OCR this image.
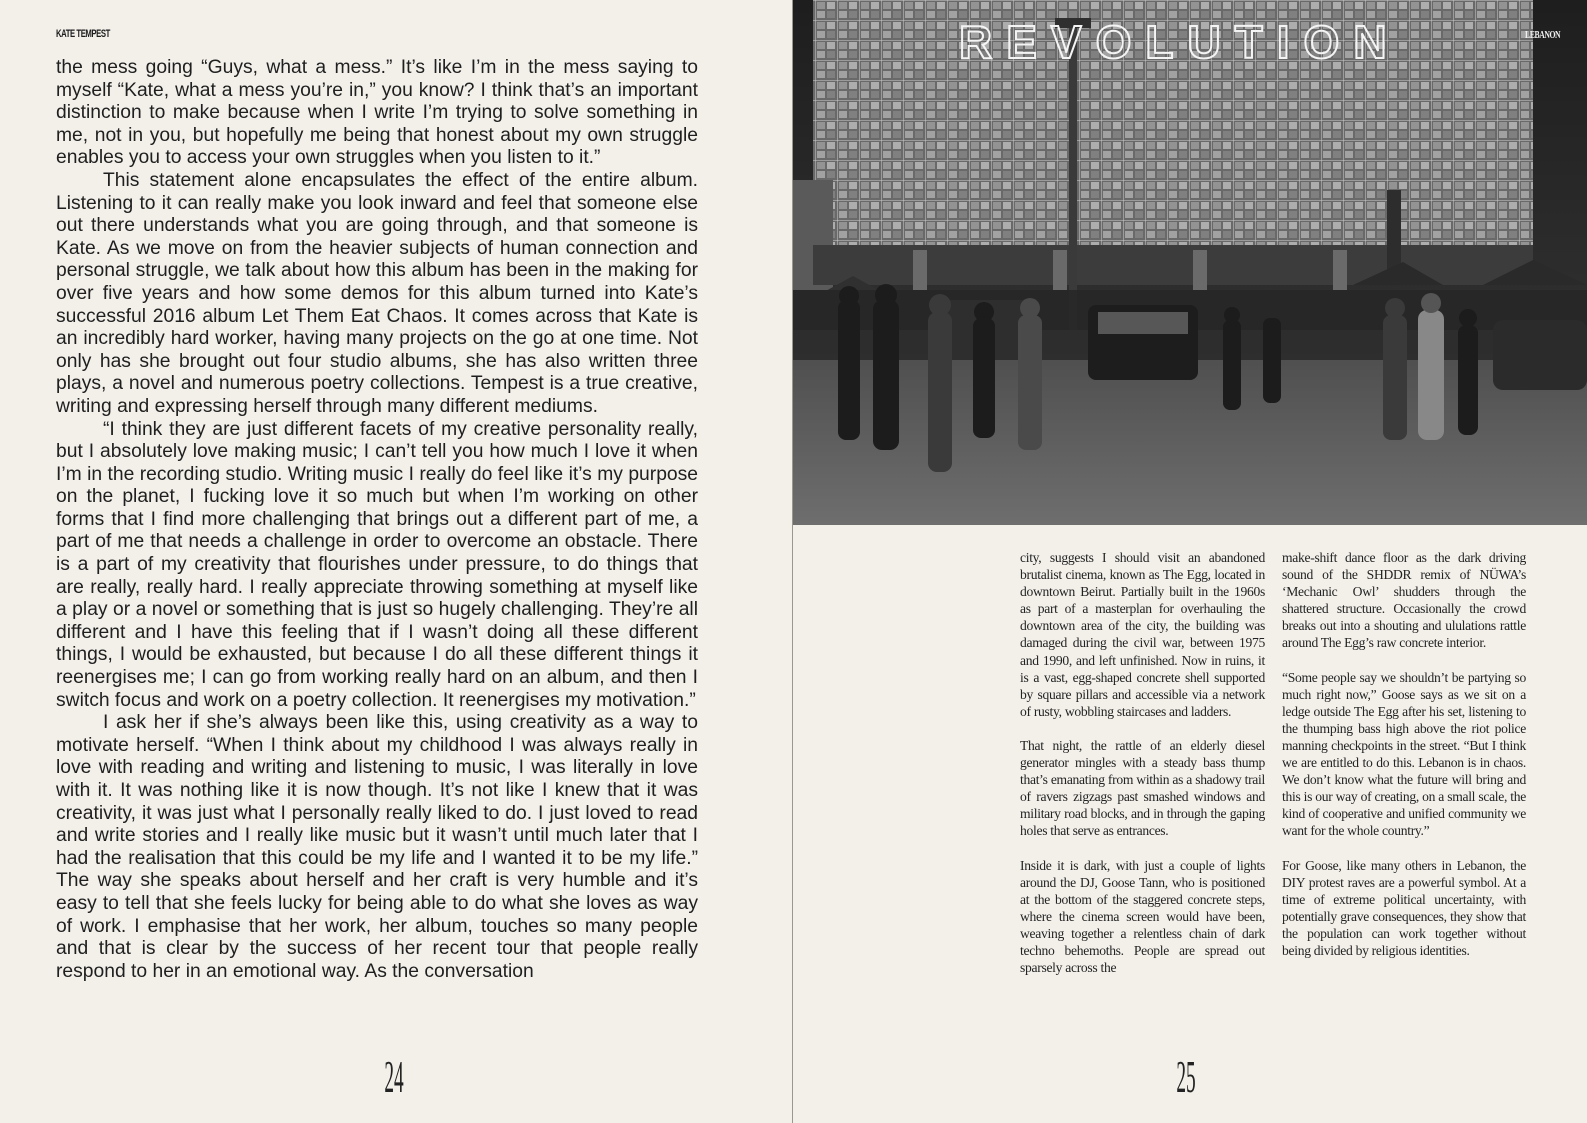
KATE TEMPEST

the mess going “Guys, what a mess.” It’s like I’m in the mess saying to myself “Kate, what a mess you’re in,” you know? I think that’s an important distinction to make because when I write I’m trying to solve something in me, not in you, but hopefully me being that honest about my own struggle enables you to access your own struggles when you listen to it.”

This statement alone encapsulates the effect of the entire album. Listening to it can really make you look inward and feel that someone else out there understands what you are going through, and that someone is Kate. As we move on from the heavier subjects of human connection and personal struggle, we talk about how this album has been in the making for over five years and how some demos for this album turned into Kate’s successful 2016 album Let Them Eat Chaos. It comes across that Kate is an incredibly hard worker, having many projects on the go at one time. Not only has she brought out four studio albums, she has also written three plays, a novel and numerous poetry collections. Tempest is a true creative, writing and expressing herself through many different mediums.

“I think they are just different facets of my creative personality really, but I absolutely love making music; I can’t tell you how much I love it when I’m in the recording studio. Writing music I really do feel like it’s my purpose on the planet, I fucking love it so much but when I’m working on other forms that I find more challenging that brings out a different part of me, a part of me that needs a challenge in order to overcome an obstacle. There is a part of my creativity that flourishes under pressure, to do things that are really, really hard. I really appreciate throwing something at myself like a play or a novel or something that is just so hugely challenging. They’re all different and I have this feeling that if I wasn’t doing all these different things, I would be exhausted, but because I do all these different things it reenergises me; I can go from working really hard on an album, and then I switch focus and work on a poetry collection. It reenergises my motivation.”

I ask her if she’s always been like this, using creativity as a way to motivate herself. “When I think about my childhood I was always really in love with reading and writing and listening to music, I was literally in love with it. It was nothing like it is now though. It’s not like I knew that it was creativity, it was just what I personally really liked to do. I just loved to read and write stories and I really like music but it wasn’t until much later that I had the realisation that this could be my life and I wanted it to be my life.” The way she speaks about herself and her craft is very humble and it’s easy to tell that she feels lucky for being able to do what she loves as way of work. I emphasise that her work, her album, touches so many people and that is clear by the success of her recent tour that people really respond to her in an emotional way. As the conversation

24
REVOLUTION	LEBANON

city, suggests I should visit an abandoned brutalist cinema, known as The Egg, located in downtown Beirut. Partially built in the 1960s as part of a masterplan for overhauling the downtown area of the city, the building was damaged during the civil war, between 1975 and 1990, and left unfinished. Now in ruins, it is a vast, egg-shaped concrete shell supported by square pillars and accessible via a network of rusty, wobbling staircases and ladders.

That night, the rattle of an elderly diesel generator mingles with a steady bass thump that’s emanating from within as a shadowy trail of ravers zigzags past smashed windows and military road blocks, and in through the gaping holes that serve as entrances.

Inside it is dark, with just a couple of lights around the DJ, Goose Tann, who is positioned at the bottom of the staggered concrete steps, where the cinema screen would have been, weaving together a relentless chain of dark techno behemoths. People are spread out sparsely across the

make-shift dance floor as the dark driving sound of the SHDDR remix of NÜWA’s ‘Mechanic Owl’ shudders through the shattered structure. Occasionally the crowd breaks out into a shouting and ululations rattle around The Egg’s raw concrete interior.

“Some people say we shouldn’t be partying so much right now,” Goose says as we sit on a ledge outside The Egg after his set, listening to the thumping bass high above the riot police manning checkpoints in the street. “But I think we are entitled to do this. Lebanon is in chaos. We don’t know what the future will bring and this is our way of creating, on a small scale, the kind of cooperative and unified community we want for the whole country.”

For Goose, like many others in Lebanon, the DIY protest raves are a powerful symbol. At a time of extreme political uncertainty, with potentially grave consequences, they show that the population can work together without being divided by religious identities.

25
